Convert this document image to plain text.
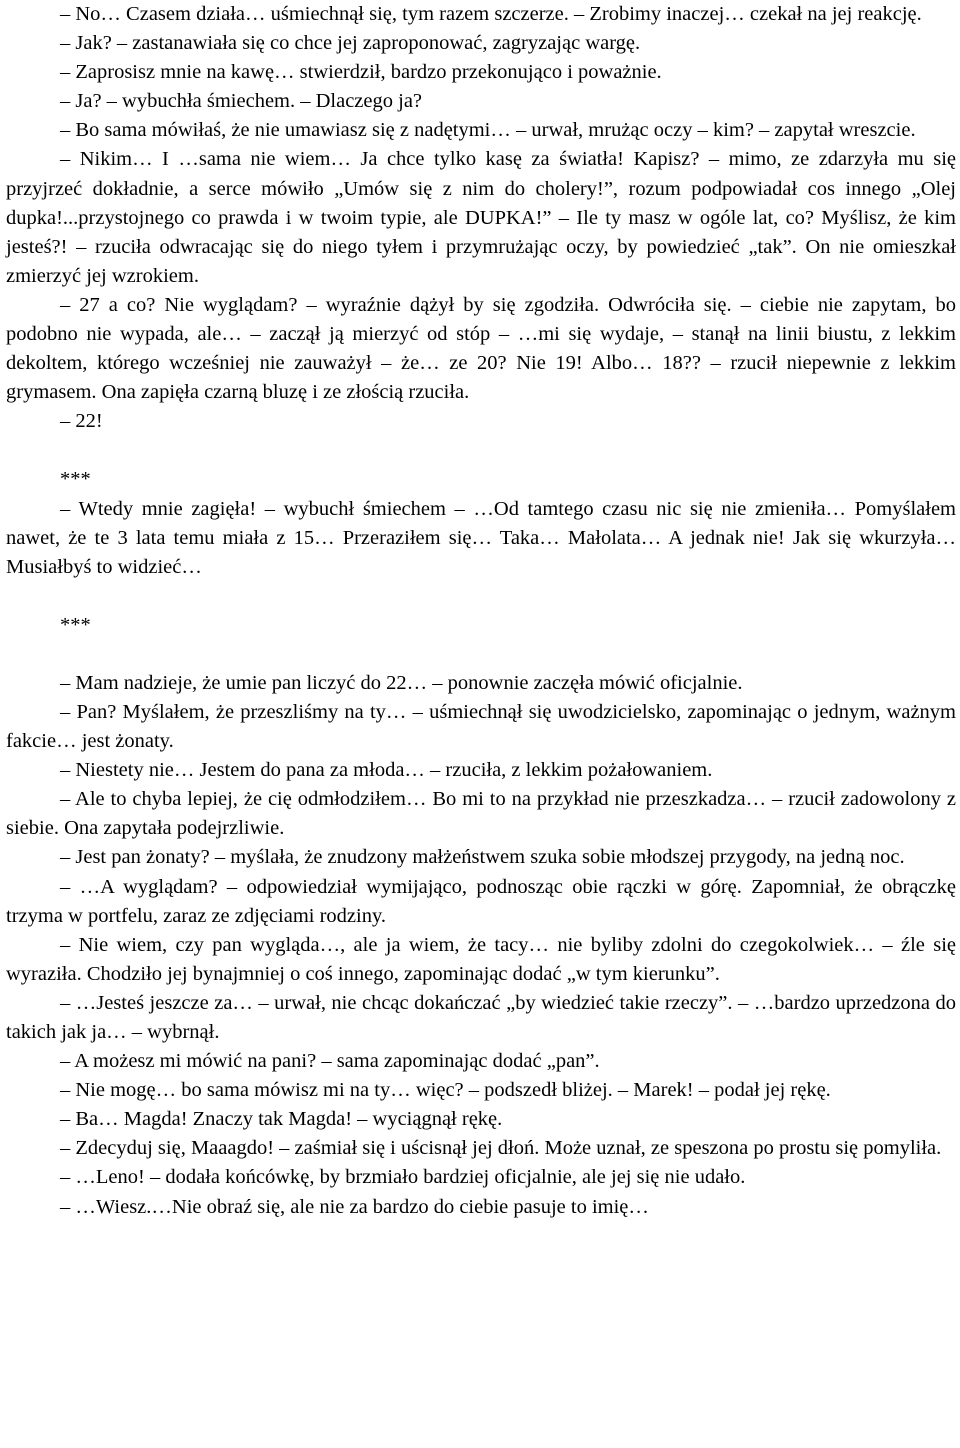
– No… Czasem działa… uśmiechnął się, tym razem szczerze. – Zrobimy inaczej… czekał na jej reakcję.

– Jak? – zastanawiała się co chce jej zaproponować, zagryzając wargę.

– Zaprosisz mnie na kawę… stwierdził, bardzo przekonująco i poważnie.

– Ja? – wybuchła śmiechem. – Dlaczego ja?

– Bo sama mówiłaś, że nie umawiasz się z nadętymi… – urwał, mrużąc oczy – kim? – zapytał wreszcie.

– Nikim… I …sama nie wiem… Ja chce tylko kasę za światła! Kapisz? – mimo, ze zdarzyła mu się przyjrzeć dokładnie, a serce mówiło „Umów się z nim do cholery!”, rozum podpowiadał cos innego „Olej dupka!...przystojnego co prawda i w twoim typie, ale DUPKA!” – Ile ty masz w ogóle lat, co? Myślisz, że kim jesteś?! – rzuciła odwracając się do niego tyłem i przymrużając oczy, by powiedzieć „tak”. On nie omieszkał zmierzyć jej wzrokiem.

– 27 a co? Nie wyglądam? – wyraźnie dążył by się zgodziła. Odwróciła się. – ciebie nie zapytam, bo podobno nie wypada, ale… – zaczął ją mierzyć od stóp – …mi się wydaje, – stanął na linii biustu, z lekkim dekoltem, którego wcześniej nie zauważył – że… ze 20? Nie 19! Albo… 18?? – rzucił niepewnie z lekkim grymasem. Ona zapięła czarną bluzę i ze złością rzuciła.

– 22!

***

– Wtedy mnie zagięła! – wybuchł śmiechem – …Od tamtego czasu nic się nie zmieniła… Pomyślałem nawet, że te 3 lata temu miała z 15… Przeraziłem się… Taka… Małolata… A jednak nie! Jak się wkurzyła… Musiałbyś to widzieć…

***

– Mam nadzieje, że umie pan liczyć do 22… – ponownie zaczęła mówić oficjalnie.

– Pan? Myślałem, że przeszliśmy na ty… – uśmiechnął się uwodzicielsko, zapominając o jednym, ważnym fakcie… jest żonaty.

– Niestety nie… Jestem do pana za młoda… – rzuciła, z lekkim pożałowaniem.

– Ale to chyba lepiej, że cię odmłodziłem… Bo mi to na przykład nie przeszkadza… – rzucił zadowolony z siebie. Ona zapytała podejrzliwie.

– Jest pan żonaty? – myślała, że znudzony małżeństwem szuka sobie młodszej przygody, na jedną noc.

– …A wyglądam? – odpowiedział wymijająco, podnosząc obie rączki w górę. Zapomniał, że obrączkę trzyma w portfelu, zaraz ze zdjęciami rodziny.

– Nie wiem, czy pan wygląda…, ale ja wiem, że tacy… nie byliby zdolni do czegokolwiek… – źle się wyraziła. Chodziło jej bynajmniej o coś innego, zapominając dodać „w tym kierunku”.

– …Jesteś jeszcze za… – urwał, nie chcąc dokańczać „by wiedzieć takie rzeczy”. – …bardzo uprzedzona do takich jak ja… – wybrnął.

– A możesz mi mówić na pani? – sama zapominając dodać „pan”.

– Nie mogę… bo sama mówisz mi na ty… więc? – podszedł bliżej. – Marek! – podał jej rękę.

– Ba… Magda! Znaczy tak Magda! – wyciągnął rękę.

– Zdecyduj się, Maaagdo! – zaśmiał się i uścisnął jej dłoń. Może uznał, ze speszona po prostu się pomyliła.

– …Leno! – dodała końcówkę, by brzmiało bardziej oficjalnie, ale jej się nie udało.

– …Wiesz.…Nie obraź się, ale nie za bardzo do ciebie pasuje to imię…
